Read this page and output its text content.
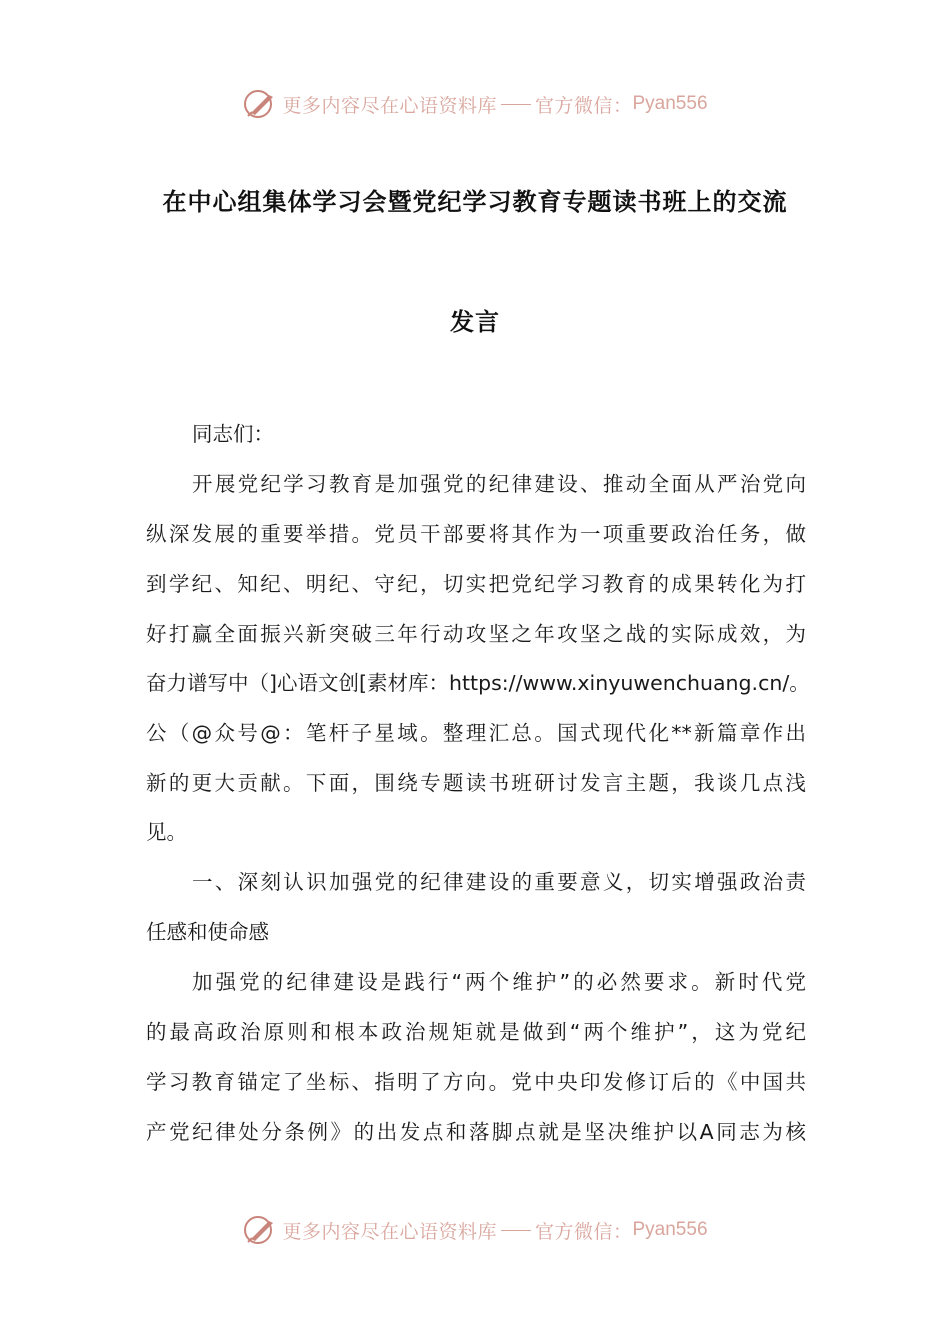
更多内容尽在心语资料库 官方微信： Pyan556
在中心组集体学习会暨党纪学习教育专题读书班上的交流
发言
同志们：
开展党纪学习教育是加强党的纪律建设、推动全面从严治党向
纵深发展的重要举措。党员干部要将其作为一项重要政治任务，做
到学纪、知纪、明纪、守纪，切实把党纪学习教育的成果转化为打
好打赢全面振兴新突破三年行动攻坚之年攻坚之战的实际成效，为
奋力谱写中（]心语文创[素材库：https://www.xinyuwenchuang.cn/。
公（@众号@：笔杆子星域。整理汇总。国式现代化**新篇章作出
新的更大贡献。下面，围绕专题读书班研讨发言主题，我谈几点浅
见。
一、深刻认识加强党的纪律建设的重要意义，切实增强政治责
任感和使命感
加强党的纪律建设是践行“两个维护”的必然要求。新时代党
的最高政治原则和根本政治规矩就是做到“两个维护”，这为党纪
学习教育锚定了坐标、指明了方向。党中央印发修订后的《中国共
产党纪律处分条例》的出发点和落脚点就是坚决维护以A同志为核
更多内容尽在心语资料库 官方微信： Pyan556
